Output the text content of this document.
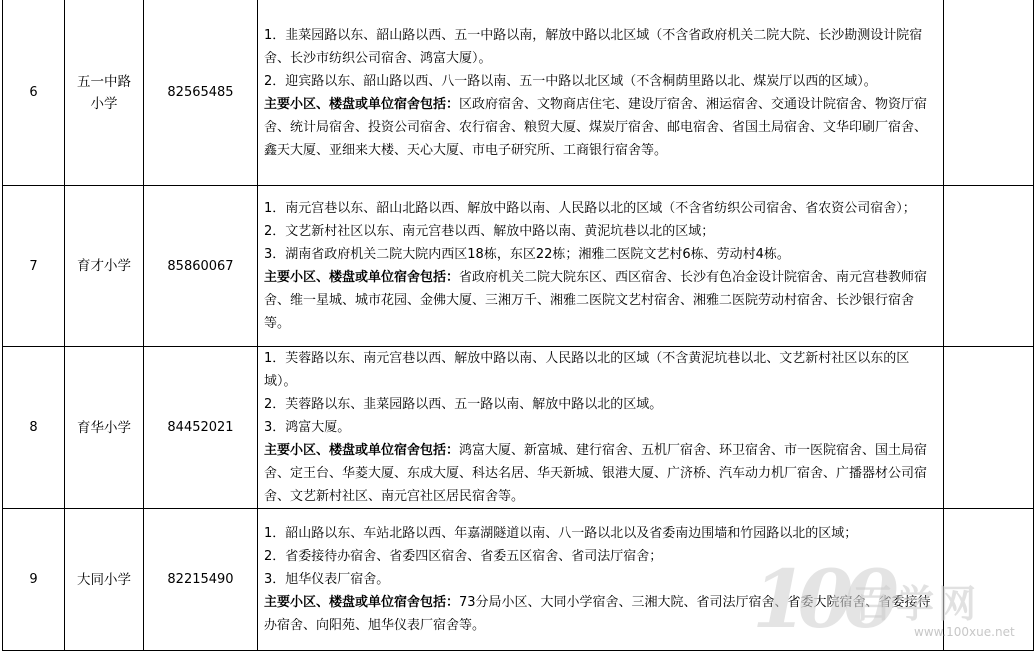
6	五一中路小学	82565485	1．韭菜园路以东、韶山路以西、五一中路以南，解放中路以北区域（不含省政府机关二院大院、长沙勘测设计院宿舍、长沙市纺织公司宿舍、鸿富大厦）。
2．迎宾路以东、韶山路以西、八一路以南、五一中路以北区域（不含桐荫里路以北、煤炭厅以西的区域）。
主要小区、楼盘或单位宿舍包括：区政府宿舍、文物商店住宅、建设厅宿舍、湘运宿舍、交通设计院宿舍、物资厅宿舍、统计局宿舍、投资公司宿舍、农行宿舍、粮贸大厦、煤炭厅宿舍、邮电宿舍、省国土局宿舍、文华印刷厂宿舍、鑫天大厦、亚细来大楼、天心大厦、市电子研究所、工商银行宿舍等。	

7	育才小学	85860067	1．南元宫巷以东、韶山北路以西、解放中路以南、人民路以北的区域（不含省纺织公司宿舍、省农资公司宿舍）；
2．文艺新村社区以东、南元宫巷以西、解放中路以南、黄泥坑巷以北的区域；
3．湖南省政府机关二院大院内西区18栋，东区22栋；湘雅二医院文艺村6栋、劳动村4栋。
主要小区、楼盘或单位宿舍包括：省政府机关二院大院东区、西区宿舍、长沙有色冶金设计院宿舍、南元宫巷教师宿舍、维一星城、城市花园、金佛大厦、三湘万千、湘雅二医院文艺村宿舍、湘雅二医院劳动村宿舍、长沙银行宿舍等。	

8	育华小学	84452021	1．芙蓉路以东、南元宫巷以西、解放中路以南、人民路以北的区域（不含黄泥坑巷以北、文艺新村社区以东的区域）。
2．芙蓉路以东、韭菜园路以西、五一路以南、解放中路以北的区域。
3．鸿富大厦。
主要小区、楼盘或单位宿舍包括：鸿富大厦、新富城、建行宿舍、五机厂宿舍、环卫宿舍、市一医院宿舍、国土局宿舍、定王台、华菱大厦、东成大厦、科达名居、华天新城、银港大厦、广济桥、汽车动力机厂宿舍、广播器材公司宿舍、文艺新村社区、南元宫社区居民宿舍等。	

9	大同小学	82215490	1．韶山路以东、车站北路以西、年嘉湖隧道以南、八一路以北以及省委南边围墙和竹园路以北的区域；
2．省委接待办宿舍、省委四区宿舍、省委五区宿舍、省司法厅宿舍；
3．旭华仪表厂宿舍。
主要小区、楼盘或单位宿舍包括：73分局小区、大同小学宿舍、三湘大院、省司法厅宿舍、省委大院宿舍、省委接待办宿舍、向阳苑、旭华仪表厂宿舍等。	
		100
百学网
www.100xue.net
